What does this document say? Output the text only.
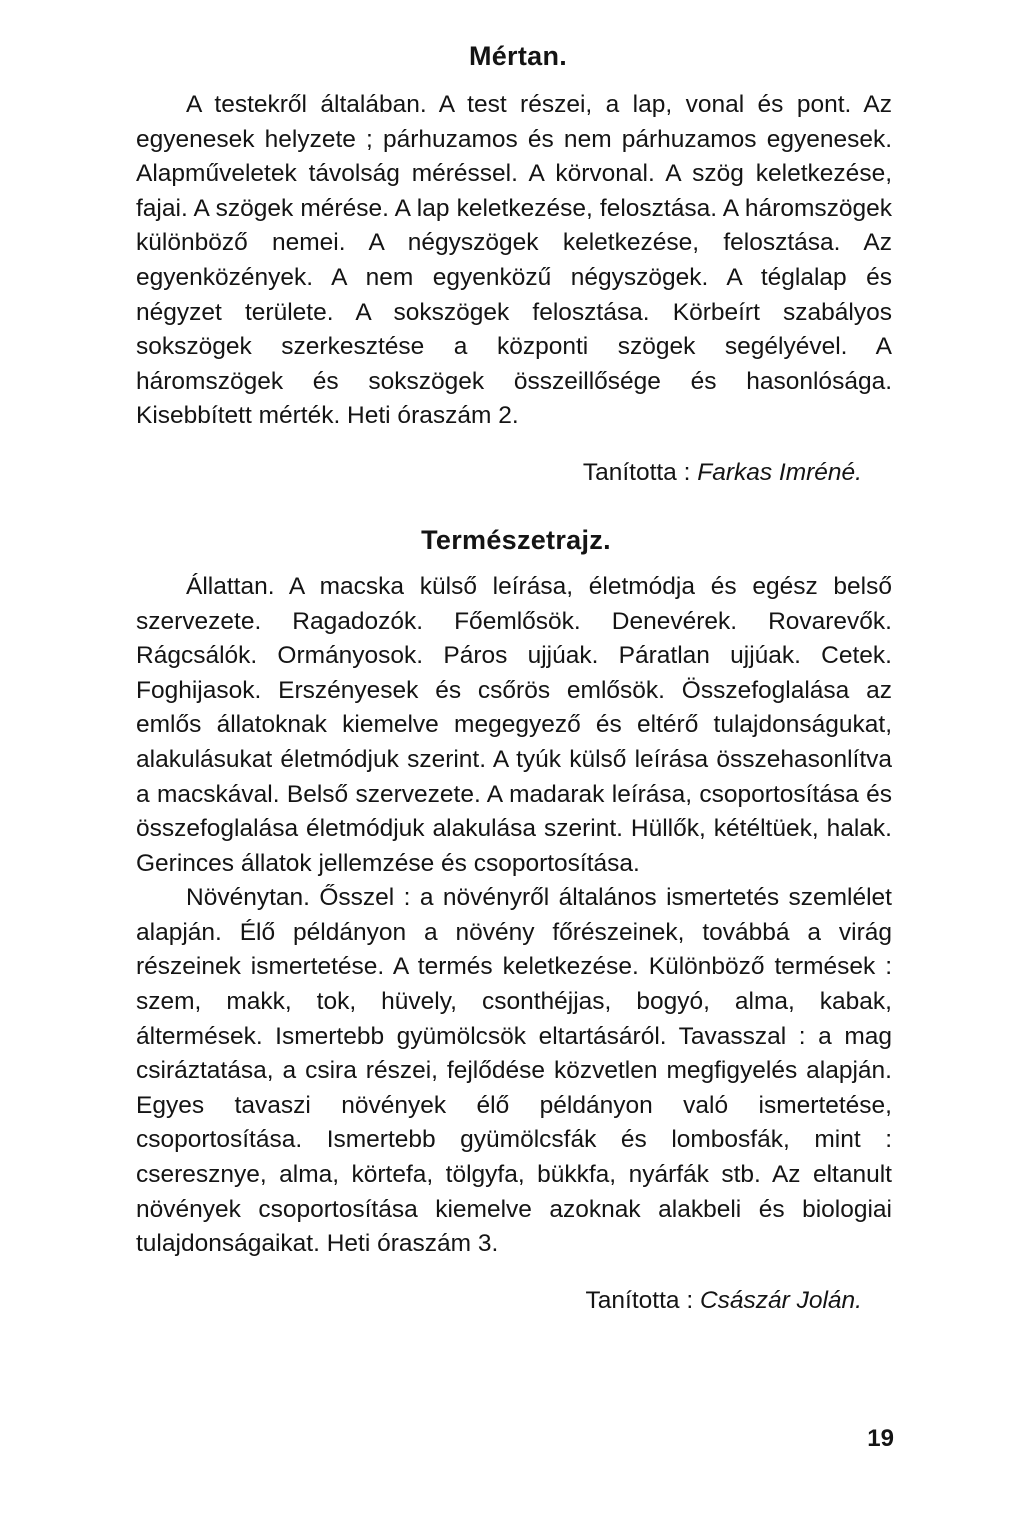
Mértan.

A testekről általában. A test részei, a lap, vonal és pont. Az egyenesek helyzete ; párhuzamos és nem párhuzamos egyenesek. Alapműveletek távolság méréssel. A körvonal. A szög keletkezése, fajai. A szögek mérése. A lap keletkezése, felosztása. A háromszögek különböző nemei. A négyszögek keletkezése, felosztása. Az egyenközények. A nem egyenközű négyszögek. A téglalap és négyzet területe. A sokszögek felosztása. Körbeírt szabályos sokszögek szerkesztése a központi szögek segélyével. A háromszögek és sokszögek összeillősége és hasonlósága. Kisebbített mérték. Heti óraszám 2.

Tanította : Farkas Imréné.

Természetrajz.

Állattan. A macska külső leírása, életmódja és egész belső szervezete. Ragadozók. Főemlősök. Denevérek. Rovarevők. Rágcsálók. Ormányosok. Páros ujjúak. Páratlan ujjúak. Cetek. Foghijasok. Erszényesek és csőrös emlősök. Összefoglalása az emlős állatoknak kiemelve megegyező és eltérő tulajdonságukat, alakulásukat életmódjuk szerint. A tyúk külső leírása összehasonlítva a macskával. Belső szervezete. A madarak leírása, csoportosítása és összefoglalása életmódjuk alakulása szerint. Hüllők, kétéltüek, halak. Gerinces állatok jellemzése és csoportosítása.

Növénytan. Ősszel : a növényről általános ismertetés szemlélet alapján. Élő példányon a növény főrészeinek, továbbá a virág részeinek ismertetése. A termés keletkezése. Különböző termések : szem, makk, tok, hüvely, csonthéjjas, bogyó, alma, kabak, áltermések. Ismertebb gyümölcsök eltartásáról. Tavasszal : a mag csiráztatása, a csira részei, fejlődése közvetlen megfigyelés alapján. Egyes tavaszi növények élő példányon való ismertetése, csoportosítása. Ismertebb gyümölcsfák és lombosfák, mint : cseresznye, alma, körtefa, tölgyfa, bükkfa, nyárfák stb. Az eltanult növények csoportosítása kiemelve azoknak alakbeli és biologiai tulajdonságaikat. Heti óraszám 3.

Tanította : Császár Jolán.

19
